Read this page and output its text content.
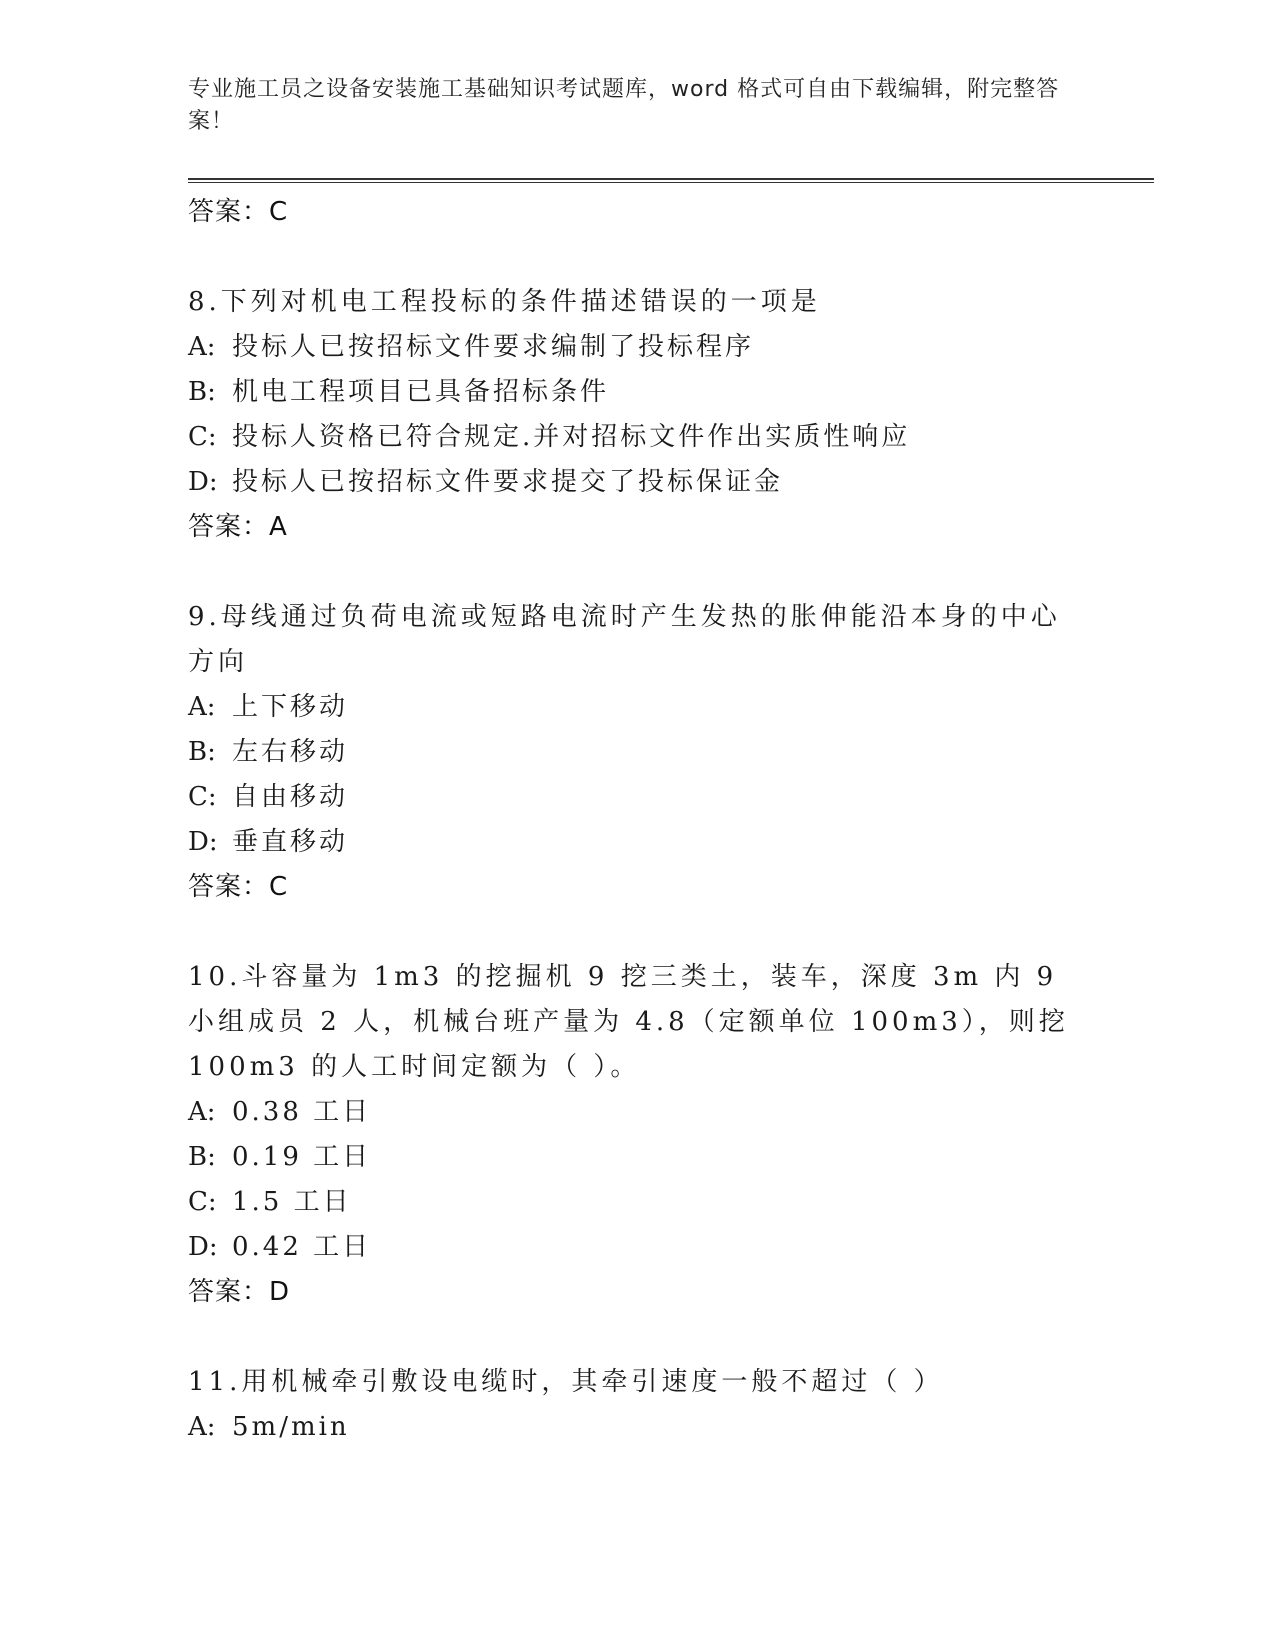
专业施工员之设备安装施工基础知识考试题库，word 格式可自由下载编辑，附完整答案！
答案：C
8.下列对机电工程投标的条件描述错误的一项是
A: 投标人已按招标文件要求编制了投标程序
B: 机电工程项目已具备招标条件
C: 投标人资格已符合规定.并对招标文件作出实质性响应
D: 投标人已按招标文件要求提交了投标保证金
答案：A
9.母线通过负荷电流或短路电流时产生发热的胀伸能沿本身的中心方向
A: 上下移动
B: 左右移动
C: 自由移动
D: 垂直移动
答案：C
10.斗容量为 1m3 的挖掘机 9 挖三类土，装车，深度 3m 内 9 小组成员 2 人，机械台班产量为 4.8（定额单位 100m3），则挖 100m3 的人工时间定额为（ ）。
A: 0.38 工日
B: 0.19 工日
C: 1.5 工日
D: 0.42 工日
答案：D
11.用机械牵引敷设电缆时，其牵引速度一般不超过（ ）
A: 5m/min
